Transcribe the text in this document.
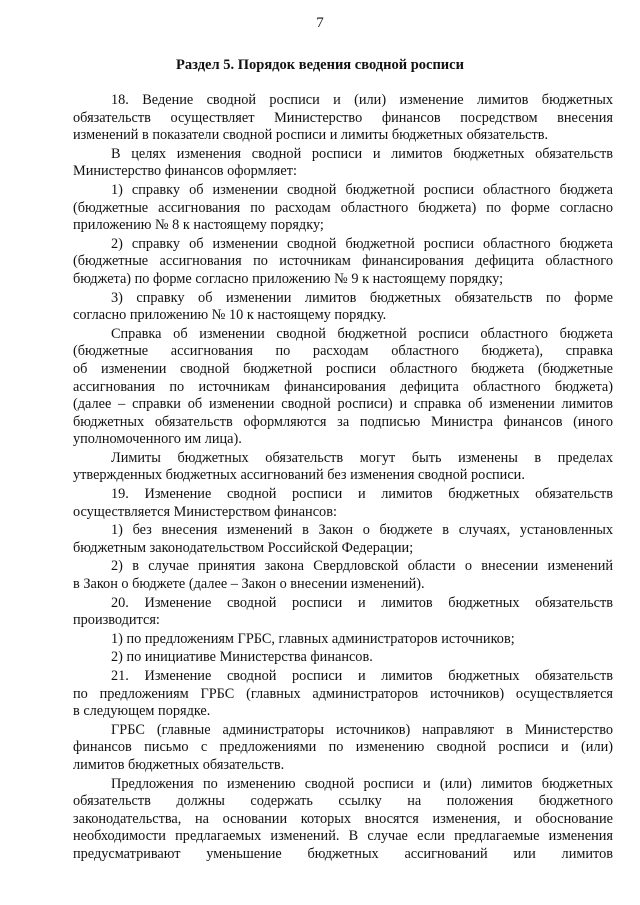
7
Раздел 5. Порядок ведения сводной росписи
18. Ведение сводной росписи и (или) изменение лимитов бюджетных
обязательств осуществляет Министерство финансов посредством внесения
изменений в показатели сводной росписи и лимиты бюджетных обязательств.
В целях изменения сводной росписи и лимитов бюджетных обязательств
Министерство финансов оформляет:
1) справку об изменении сводной бюджетной росписи областного бюджета
(бюджетные ассигнования по расходам областного бюджета) по форме согласно
приложению № 8 к настоящему порядку;
2) справку об изменении сводной бюджетной росписи областного бюджета
(бюджетные ассигнования по источникам финансирования дефицита областного
бюджета) по форме согласно приложению № 9 к настоящему порядку;
3) справку об изменении лимитов бюджетных обязательств по форме
согласно приложению № 10 к настоящему порядку.
Справка об изменении сводной бюджетной росписи областного бюджета
(бюджетные ассигнования по расходам областного бюджета), справка
об изменении сводной бюджетной росписи областного бюджета (бюджетные
ассигнования по источникам финансирования дефицита областного бюджета)
(далее – справки об изменении сводной росписи) и справка об изменении лимитов
бюджетных обязательств оформляются за подписью Министра финансов (иного
уполномоченного им лица).
Лимиты бюджетных обязательств могут быть изменены в пределах
утвержденных бюджетных ассигнований без изменения сводной росписи.
19. Изменение сводной росписи и лимитов бюджетных обязательств
осуществляется Министерством финансов:
1) без внесения изменений в Закон о бюджете в случаях, установленных
бюджетным законодательством Российской Федерации;
2) в случае принятия закона Свердловской области о внесении изменений
в Закон о бюджете (далее – Закон о внесении изменений).
20. Изменение сводной росписи и лимитов бюджетных обязательств
производится:
1) по предложениям ГРБС, главных администраторов источников;
2) по инициативе Министерства финансов.
21. Изменение сводной росписи и лимитов бюджетных обязательств
по предложениям ГРБС (главных администраторов источников) осуществляется
в следующем порядке.
ГРБС (главные администраторы источников) направляют в Министерство
финансов письмо с предложениями по изменению сводной росписи и (или)
лимитов бюджетных обязательств.
Предложения по изменению сводной росписи и (или) лимитов бюджетных
обязательств должны содержать ссылку на положения бюджетного
законодательства, на основании которых вносятся изменения, и обоснование
необходимости предлагаемых изменений. В случае если предлагаемые изменения
предусматривают уменьшение бюджетных ассигнований или лимитов
